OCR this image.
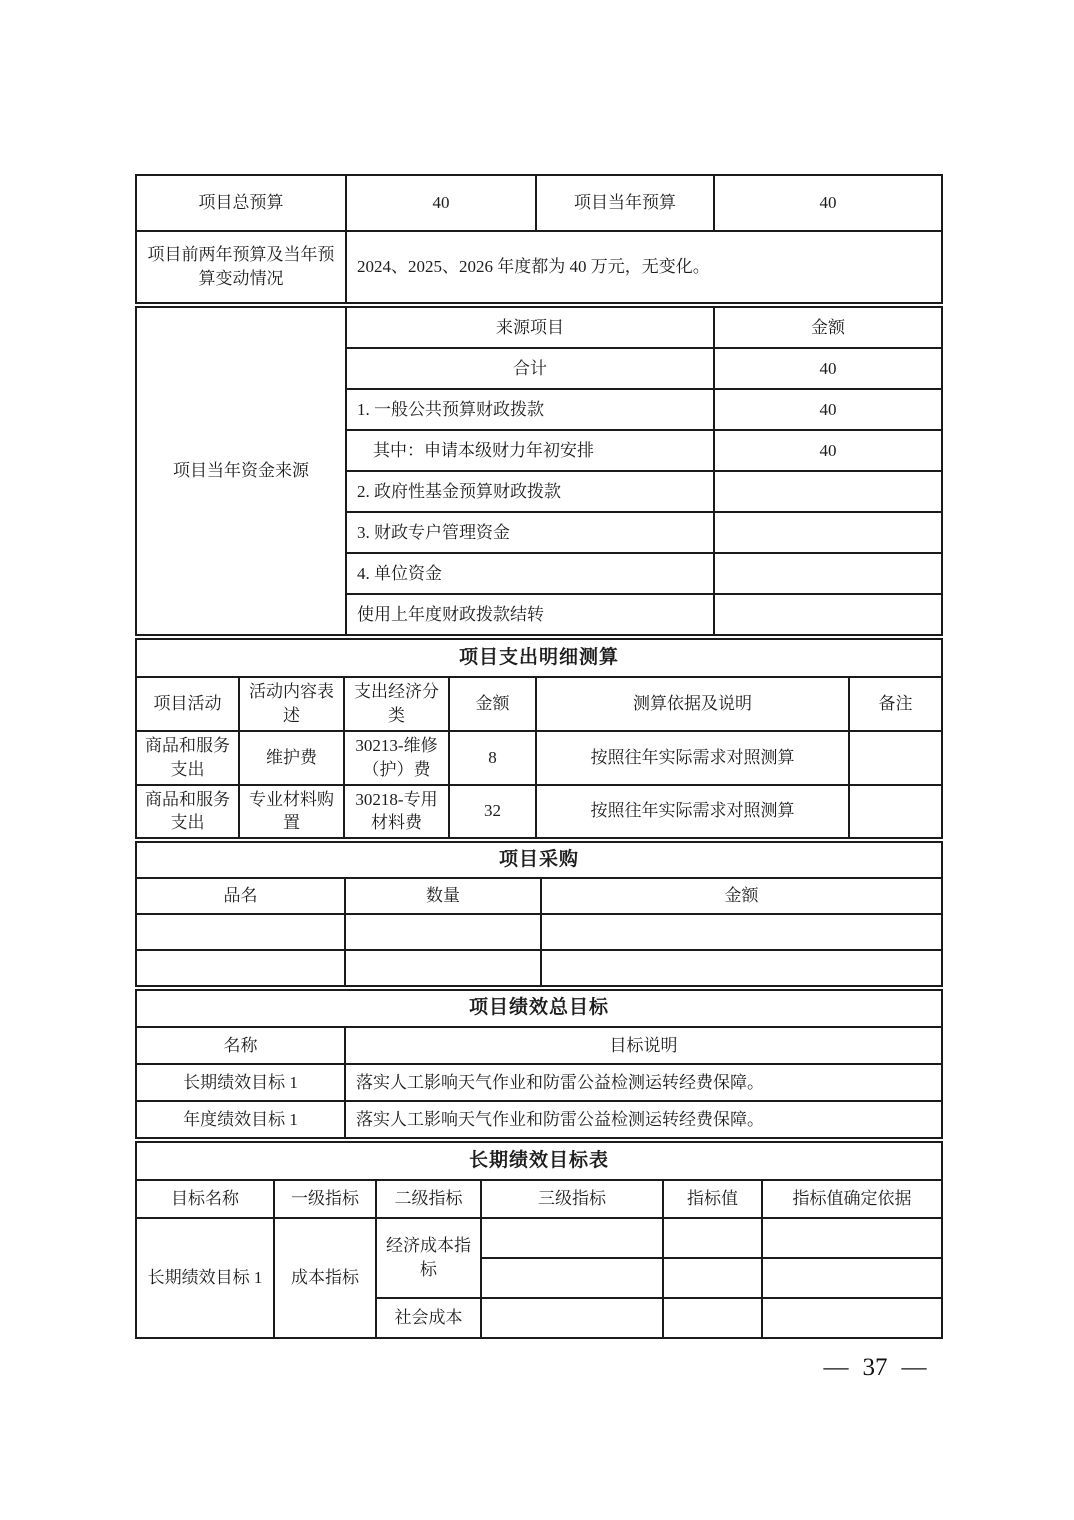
项目总预算	40	项目当年预算	40
项目前两年预算及当年预算变动情况	2024、2025、2026 年度都为 40 万元，无变化。		
项目当年资金来源	来源项目	金额
	合计	40
	1. 一般公共预算财政拨款	40
	其中：申请本级财力年初安排	40
	2. 政府性基金预算财政拨款	
	3. 财政专户管理资金	
	4. 单位资金	
	使用上年度财政拨款结转	
项目支出明细测算					
项目活动	活动内容表述	支出经济分类	金额	测算依据及说明	备注
商品和服务支出	维护费	30213-维修（护）费	8	按照往年实际需求对照测算	
商品和服务支出	专业材料购置	30218-专用材料费	32	按照往年实际需求对照测算	
项目采购		
品名	数量	金额

项目绩效总目标	
名称	目标说明
长期绩效目标 1	落实人工影响天气作业和防雷公益检测运转经费保障。
年度绩效目标 1	落实人工影响天气作业和防雷公益检测运转经费保障。
长期绩效目标表					
目标名称	一级指标	二级指标	三级指标	指标值	指标值确定依据
长期绩效目标 1	成本指标	经济成本指标			

		社会成本			
— 37 —
